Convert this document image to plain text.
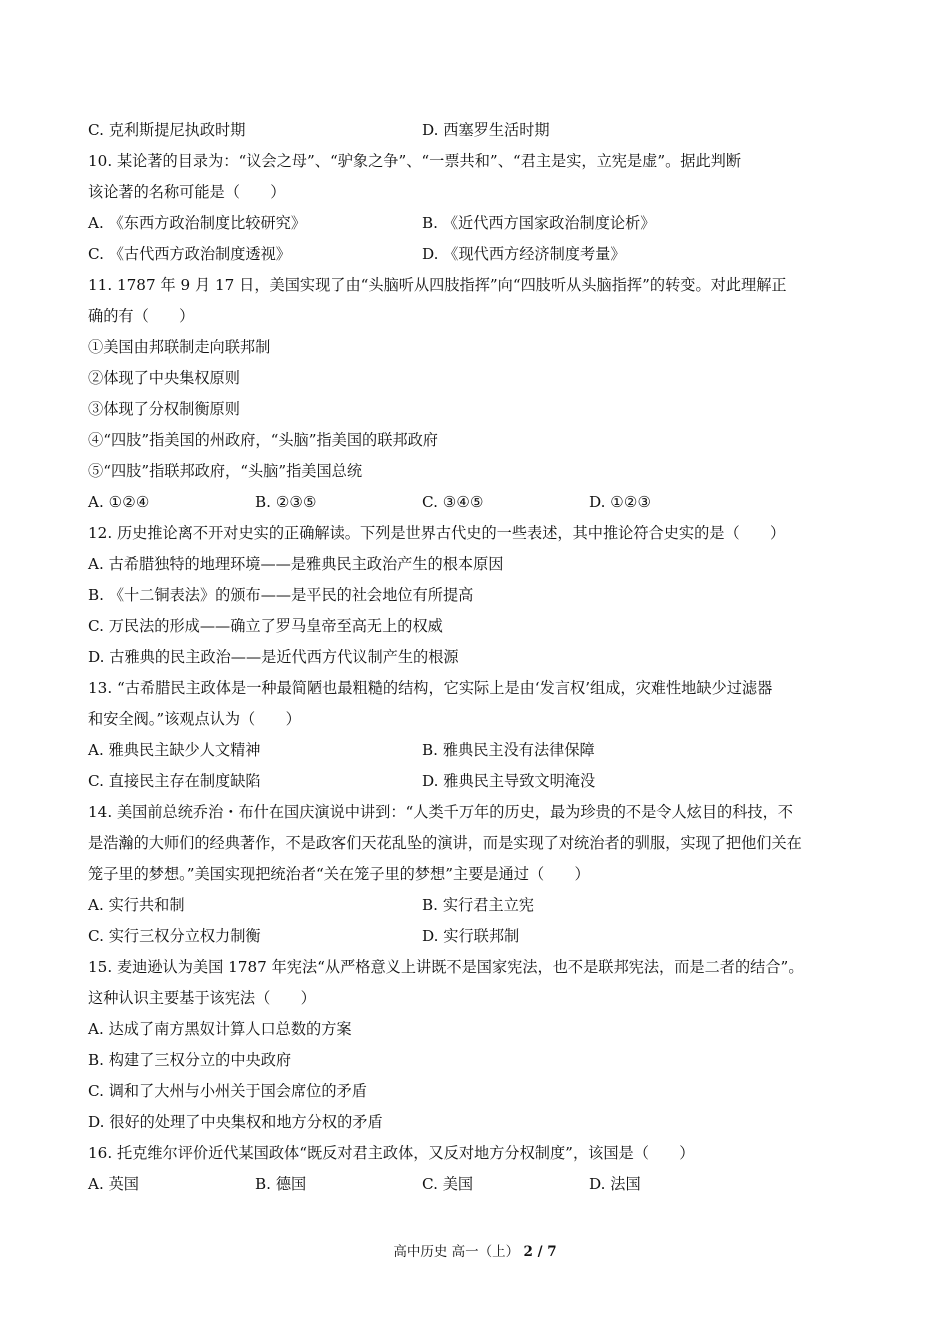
C. 克利斯提尼执政时期	D. 西塞罗生活时期
10. 某论著的目录为：“议会之母”、“驴象之争”、“一票共和”、“君主是实，立宪是虚”。据此判断
该论著的名称可能是（　　）
A. 《东西方政治制度比较研究》	B. 《近代西方国家政治制度论析》
C. 《古代西方政治制度透视》	D. 《现代西方经济制度考量》
11. 1787 年 9 月 17 日，美国实现了由“头脑听从四肢指挥”向“四肢听从头脑指挥”的转变。对此理解正
确的有（　　）
①美国由邦联制走向联邦制
②体现了中央集权原则
③体现了分权制衡原则
④“四肢”指美国的州政府，“头脑”指美国的联邦政府
⑤“四肢”指联邦政府，“头脑”指美国总统
A. ①②④	B. ②③⑤	C. ③④⑤	D. ①②③
12. 历史推论离不开对史实的正确解读。下列是世界古代史的一些表述，其中推论符合史实的是（　　）
A. 古希腊独特的地理环境——是雅典民主政治产生的根本原因
B. 《十二铜表法》的颁布——是平民的社会地位有所提高
C. 万民法的形成——确立了罗马皇帝至高无上的权威
D. 古雅典的民主政治——是近代西方代议制产生的根源
13. “古希腊民主政体是一种最简陋也最粗糙的结构，它实际上是由‘发言权’组成，灾难性地缺少过滤器
和安全阀。”该观点认为（　　）
A. 雅典民主缺少人文精神	B. 雅典民主没有法律保障
C. 直接民主存在制度缺陷	D. 雅典民主导致文明淹没
14. 美国前总统乔治・布什在国庆演说中讲到：“人类千万年的历史，最为珍贵的不是令人炫目的科技，不
是浩瀚的大师们的经典著作，不是政客们天花乱坠的演讲，而是实现了对统治者的驯服，实现了把他们关在
笼子里的梦想。”美国实现把统治者“关在笼子里的梦想”主要是通过（　　）
A. 实行共和制	B. 实行君主立宪
C. 实行三权分立权力制衡	D. 实行联邦制
15. 麦迪逊认为美国 1787 年宪法“从严格意义上讲既不是国家宪法，也不是联邦宪法，而是二者的结合”。
这种认识主要基于该宪法（　　）
A. 达成了南方黑奴计算人口总数的方案
B. 构建了三权分立的中央政府
C. 调和了大州与小州关于国会席位的矛盾
D. 很好的处理了中央集权和地方分权的矛盾
16. 托克维尔评价近代某国政体“既反对君主政体，又反对地方分权制度”，该国是（　　）
A. 英国	B. 德国	C. 美国	D. 法国
高中历史 高一（上） 2 / 7
